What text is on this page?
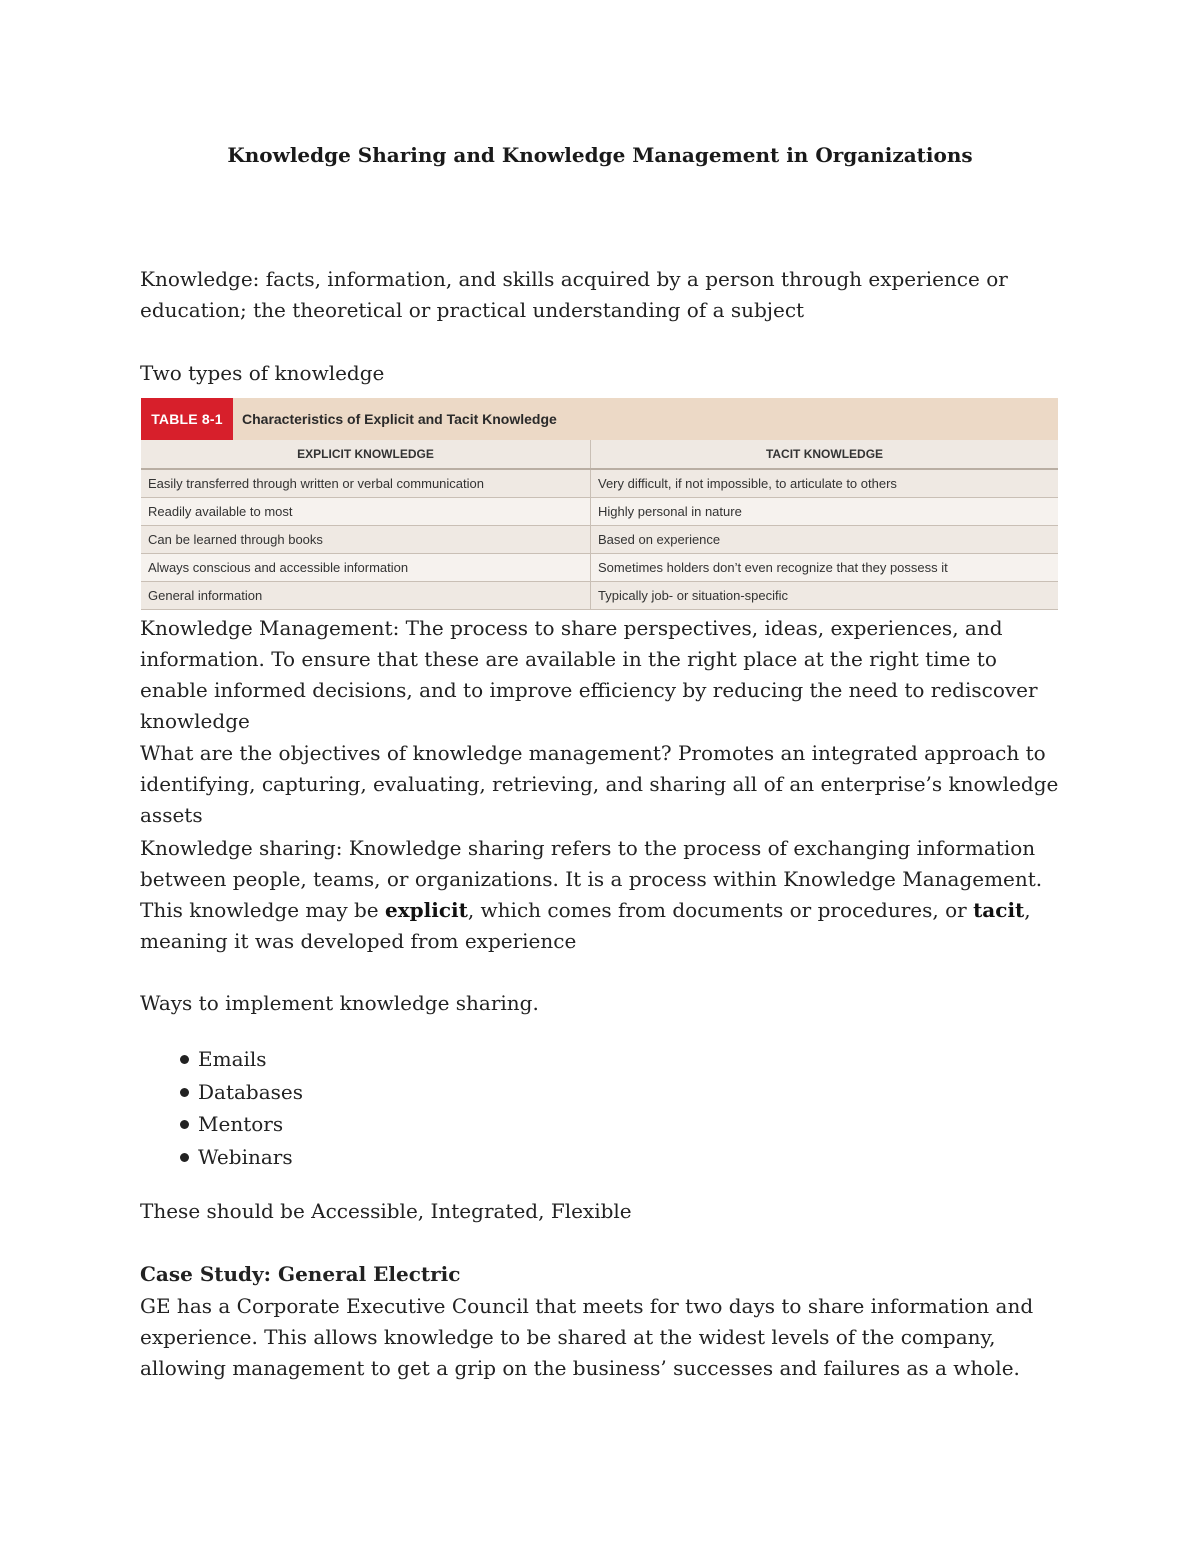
Knowledge Sharing and Knowledge Management in Organizations

Knowledge: facts, information, and skills acquired by a person through experience or education; the theoretical or practical understanding of a subject

Two types of knowledge

TABLE 8-1	Characteristics of Explicit and Tacit Knowledge
EXPLICIT KNOWLEDGE	TACIT KNOWLEDGE
Easily transferred through written or verbal communication	Very difficult, if not impossible, to articulate to others
Readily available to most	Highly personal in nature
Can be learned through books	Based on experience
Always conscious and accessible information	Sometimes holders don’t even recognize that they possess it
General information	Typically job- or situation-specific

Knowledge Management: The process to share perspectives, ideas, experiences, and information. To ensure that these are available in the right place at the right time to enable informed decisions, and to improve efficiency by reducing the need to rediscover knowledge

What are the objectives of knowledge management? Promotes an integrated approach to identifying, capturing, evaluating, retrieving, and sharing all of an enterprise’s knowledge assets

Knowledge sharing: Knowledge sharing refers to the process of exchanging information between people, teams, or organizations. It is a process within Knowledge Management. This knowledge may be explicit, which comes from documents or procedures, or tacit, meaning it was developed from experience

Ways to implement knowledge sharing.

Emails
Databases
Mentors
Webinars

These should be Accessible, Integrated, Flexible

Case Study: General Electric

GE has a Corporate Executive Council that meets for two days to share information and experience. This allows knowledge to be shared at the widest levels of the company, allowing management to get a grip on the business’ successes and failures as a whole.
